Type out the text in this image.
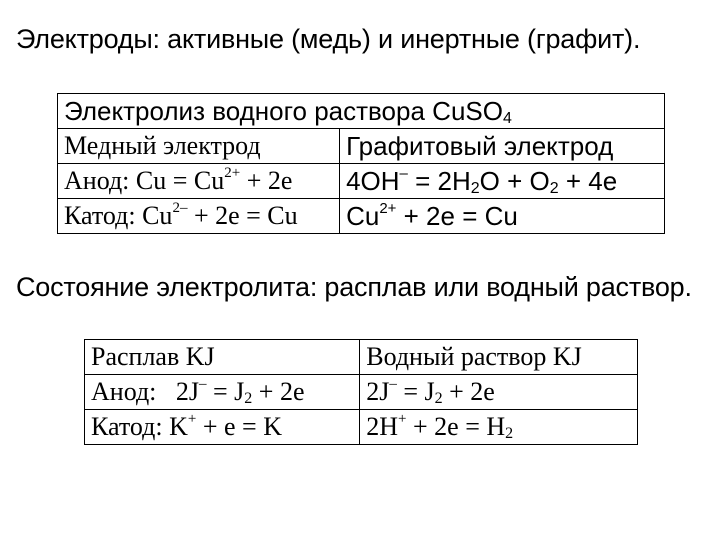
Электроды: активные (медь) и инертные (графит).
Электролиз водного раствора CuSO$_4$
Медный электрод	Графитовый электрод
Анод: $Cu = Cu^{2+} + 2e$	$4OH^- = 2H_2O + O_2 + 4e$
Катод: $Cu^{2-} + 2e = Cu$	$Cu^{2+} + 2e = Cu$
Состояние электролита: расплав или водный раствор.
Расплав KJ	Водный раствор KJ
Анод:   $2J^- = J_2 + 2e$	$2J^- = J_2 + 2e$
Катод: K+ + e = K	$2H^+ + 2e = H_2$
